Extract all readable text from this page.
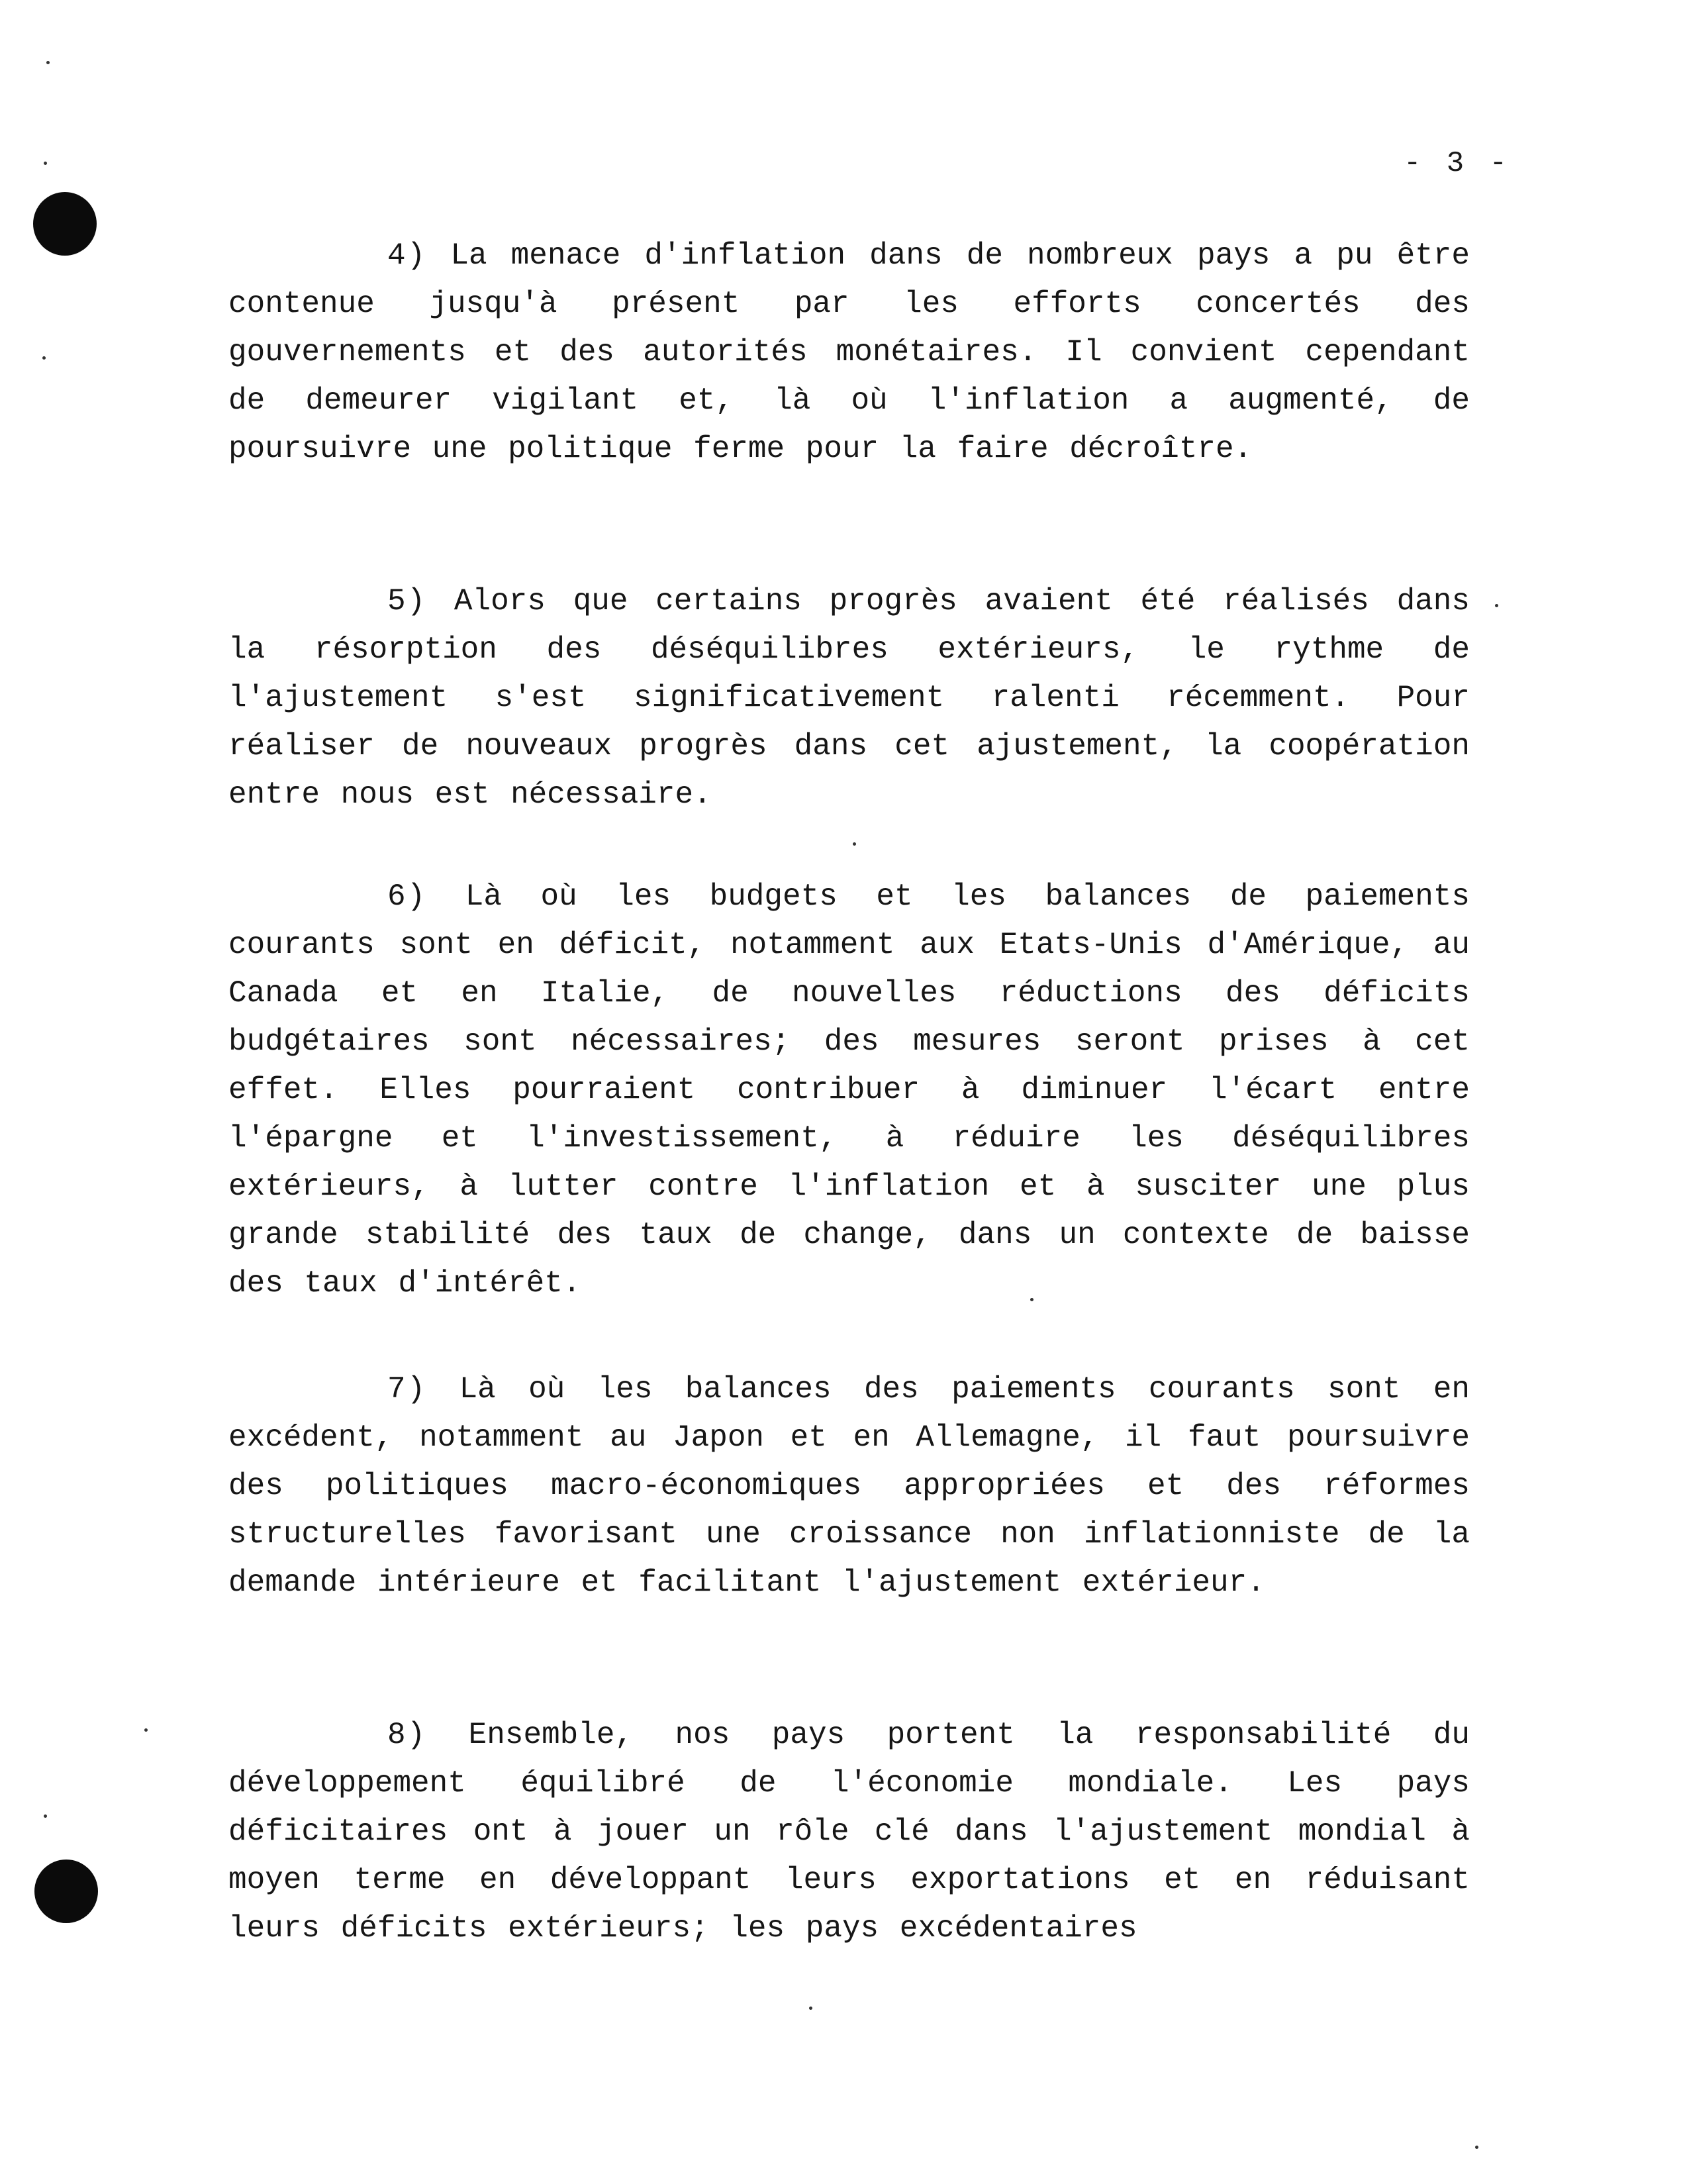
- 3 -

4) La menace d'inflation dans de nombreux pays a pu être contenue jusqu'à présent par les efforts concertés des gouvernements et des autorités monétaires. Il convient cependant de demeurer vigilant et, là où l'inflation a augmenté, de poursuivre une politique ferme pour la faire décroître.

5) Alors que certains progrès avaient été réalisés dans la résorption des déséquilibres extérieurs, le rythme de l'ajustement s'est significativement ralenti récemment. Pour réaliser de nouveaux progrès dans cet ajustement, la coopération entre nous est nécessaire.

6) Là où les budgets et les balances de paiements courants sont en déficit, notamment aux Etats-Unis d'Amérique, au Canada et en Italie, de nouvelles réductions des déficits budgétaires sont nécessaires; des mesures seront prises à cet effet. Elles pourraient contribuer à diminuer l'écart entre l'épargne et l'investissement, à réduire les déséquilibres extérieurs, à lutter contre l'inflation et à susciter une plus grande stabilité des taux de change, dans un contexte de baisse des taux d'intérêt.

7) Là où les balances des paiements courants sont en excédent, notamment au Japon et en Allemagne, il faut poursuivre des politiques macro-économiques appropriées et des réformes structurelles favorisant une croissance non inflationniste de la demande intérieure et facilitant l'ajustement extérieur.

8) Ensemble, nos pays portent la responsabilité du développement équilibré de l'économie mondiale. Les pays déficitaires ont à jouer un rôle clé dans l'ajustement mondial à moyen terme en développant leurs exportations et en réduisant leurs déficits extérieurs; les pays excédentaires
